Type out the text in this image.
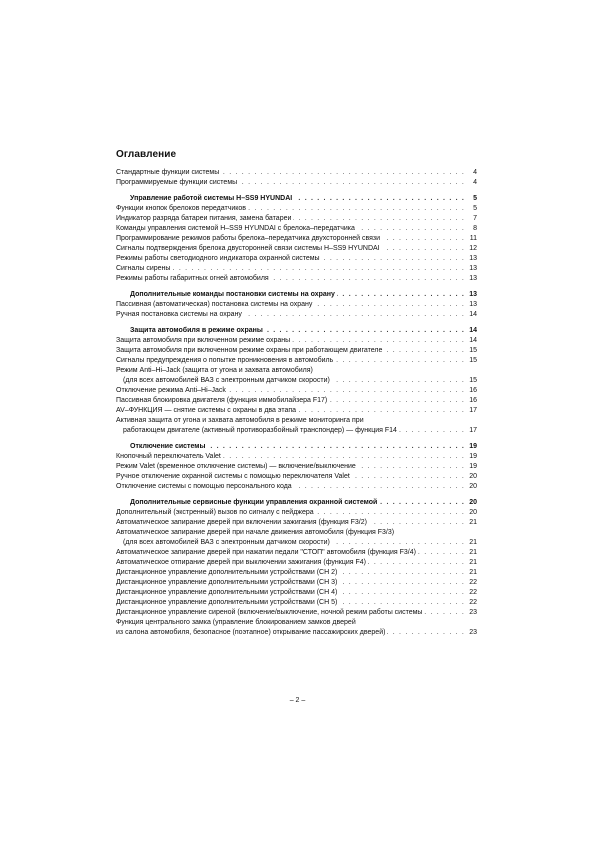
Оглавление
. . .
Стандартные функции системы	4
. . .
Программируемые функции системы	4
. . .
Управление работой системы H–SS9 HYUNDAI	5
. . .
Функции кнопок брелоков передатчиков	5
. . .
Индикатор разряда батареи питания, замена батареи	7
. . .
Команды управления системой H–SS9 HYUNDAI с брелока–передатчика	8
. . .
Программирование режимов работы брелока–передатчика двухсторонней связи	11
. . .
Сигналы подтверждения брелока двусторонней связи системы H–SS9 HYUNDAI	12
. . .
Режимы работы светодиодного индикатора охранной системы	13
. . .
Сигналы сирены	13
. . .
Режимы работы габаритных огней автомобиля	13
. . .
Дополнительные команды постановки системы на охрану	13
. . .
Пассивная (автоматическая) постановка системы на охрану	13
. . .
Ручная постановка системы на охрану	14
. . .
Защита автомобиля в режиме охраны	14
. . .
Защита автомобиля при включенном режиме охраны	14
. . .
Защита автомобиля при включенном режиме охраны при работающем двигателе	15
. . .
Сигналы предупреждения о попытке проникновения в автомобиль	15
Режим Anti–Hi–Jack (защита от угона и захвата автомобиля)
. . .
(для всех автомобилей ВАЗ с электронным датчиком скорости)	15
. . .
Отключение режима Anti–Hi–Jack	16
. . .
Пассивная блокировка двигателя (функция иммобилайзера F17)	16
. . .
AV–ФУНКЦИЯ — снятие системы с охраны в два этапа	17
Активная защита от угона и захвата автомобиля в режиме мониторинга при
. . .
работающем двигателе (активный противоразбойный транспондер) — функция F14	17
. . .
Отключение системы	19
. . .
Кнопочный переключатель Valet	19
. . .
Режим Valet (временное отключение системы) — включение/выключение	19
. . .
Ручное отключение охранной системы с помощью переключателя Valet	20
. . .
Отключение системы с помощью персонального кода	20
. . .
Дополнительные сервисные функции управления охранной системой	20
. . .
Дополнительный (экстренный) вызов по сигналу с пейджера	20
. . .
Автоматическое запирание дверей при включении зажигания (функция F3/2)	21
Автоматическое запирание дверей при начале движения автомобиля (функция F3/3)
. . .
(для всех автомобилей ВАЗ с электронным датчиком скорости)	21
. . .
Автоматическое запирание дверей при нажатии педали "СТОП" автомобиля (функция F3/4)	21
. . .
Автоматическое отпирание дверей при выключении зажигания (функция F4)	21
. . .
Дистанционное управление дополнительными устройствами (CH 2)	21
. . .
Дистанционное управление дополнительными устройствами (CH 3)	22
. . .
Дистанционное управление дополнительными устройствами (CH 4)	22
. . .
Дистанционное управление дополнительными устройствами (CH 5)	22
. . .
Дистанционное управление сиреной (включение/выключение, ночной режим работы системы	23
Функция центрального замка (управление блокированием замков дверей
. . .
из салона автомобиля, безопасное (поэтапное) открывание пассажирских дверей)	23
– 2 –
